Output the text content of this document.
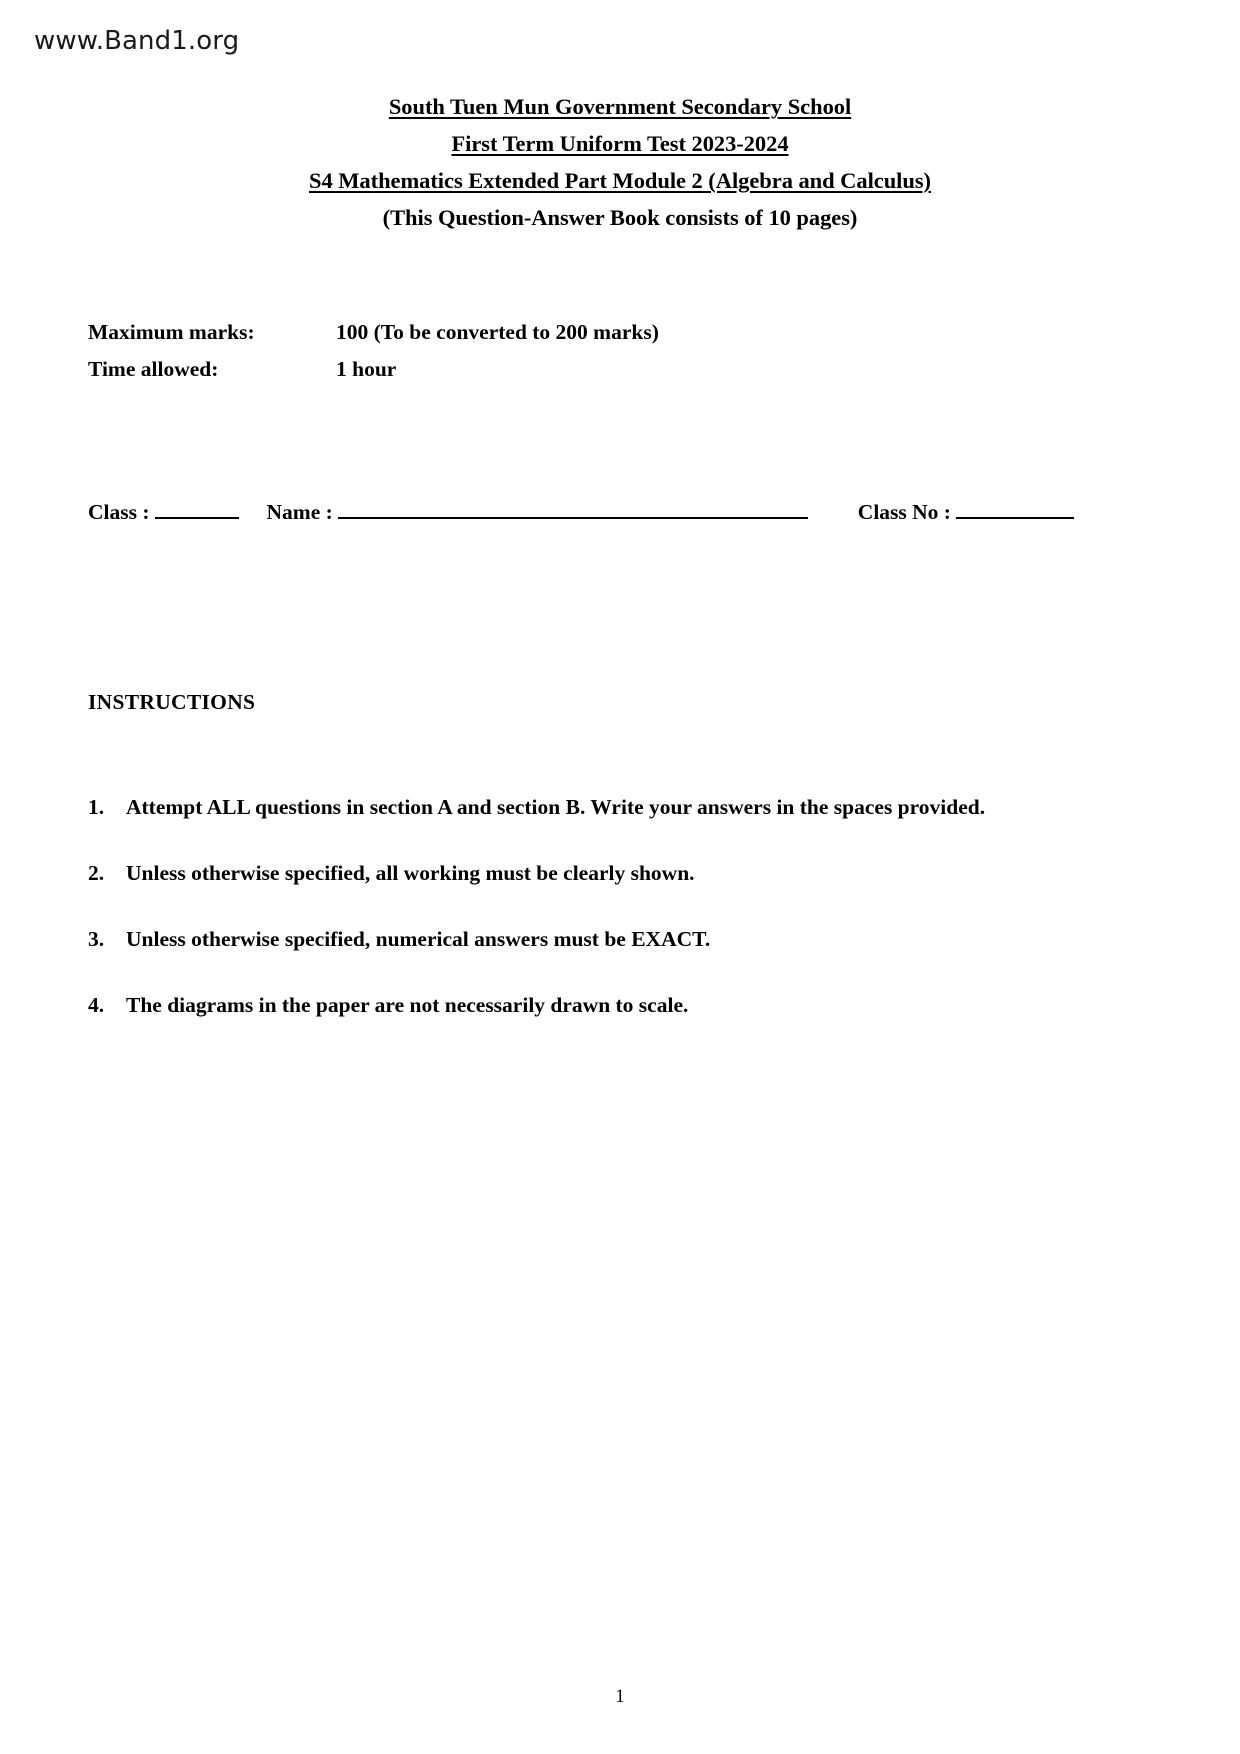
www.Band1.org
South Tuen Mun Government Secondary School
First Term Uniform Test 2023-2024
S4 Mathematics Extended Part Module 2 (Algebra and Calculus)
(This Question-Answer Book consists of 10 pages)
Maximum marks:	100 (To be converted to 200 marks)
Time allowed:	1 hour
Class :	Name :	Class No :
INSTRUCTIONS
1.	Attempt ALL questions in section A and section B. Write your answers in the spaces provided.
2.	Unless otherwise specified, all working must be clearly shown.
3.	Unless otherwise specified, numerical answers must be EXACT.
4.	The diagrams in the paper are not necessarily drawn to scale.
1
